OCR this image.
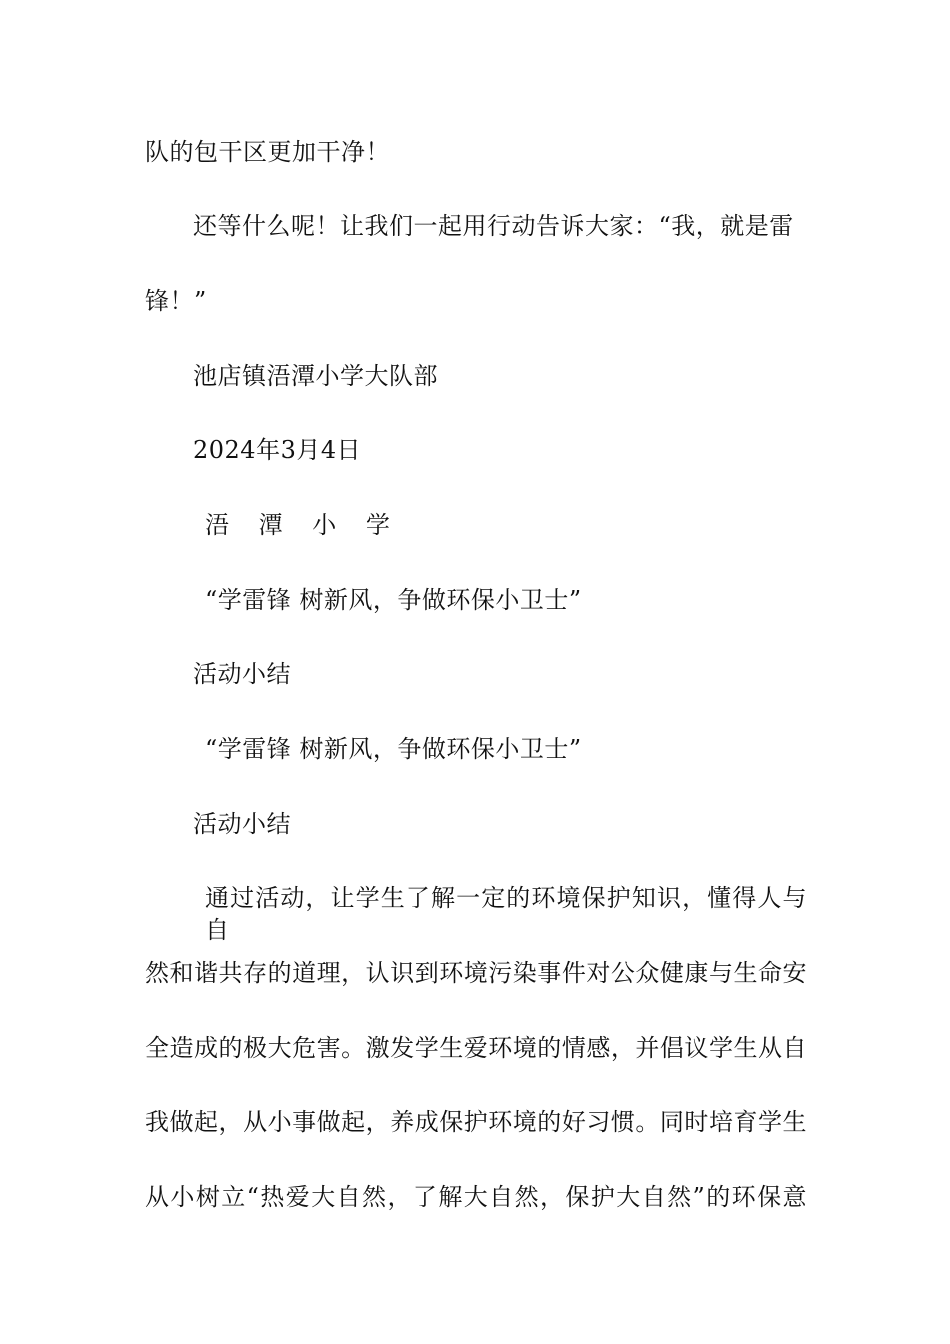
队的包干区更加干净！
还等什么呢！让我们一起用行动告诉大家：“我，就是雷
锋！”
池店镇浯潭小学大队部
2024年3月4日
浯 潭 小 学
“学雷锋 树新风，争做环保小卫士”
活动小结
“学雷锋 树新风，争做环保小卫士”
活动小结
通过活动，让学生了解一定的环境保护知识，懂得人与自
然和谐共存的道理，认识到环境污染事件对公众健康与生命安
全造成的极大危害。激发学生爱环境的情感，并倡议学生从自
我做起，从小事做起，养成保护环境的好习惯。同时培育学生
从小树立“热爱大自然，了解大自然，保护大自然”的环保意
